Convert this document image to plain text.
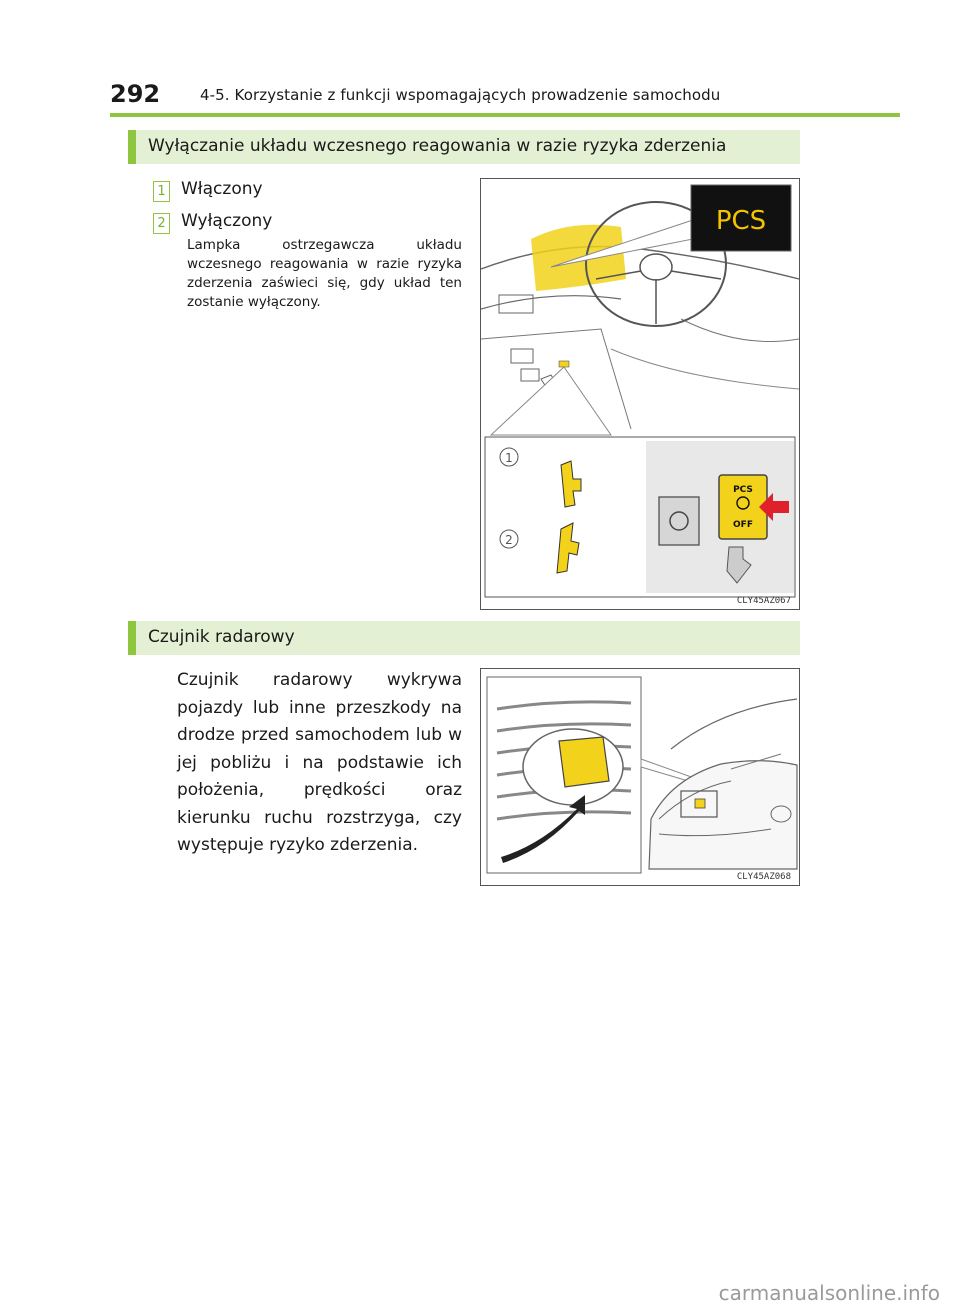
292	4-5. Korzystanie z funkcji wspomagających prowadzenie samochodu
Wyłączanie układu wczesnego reagowania w razie ryzyka zderzenia
1 Włączony
2 Wyłączony
Lampka ostrzegawcza układu wczesnego reagowania w razie ryzyka zderzenia zaświeci się, gdy układ ten zostanie wyłączony.
PCS
1
2
PCS
OFF
CLY45AZ067
Czujnik radarowy
Czujnik radarowy wykrywa pojazdy lub inne przeszkody na drodze przed samochodem lub w jej pobliżu i na podstawie ich położenia, prędkości oraz kierunku ruchu rozstrzyga, czy występuje ryzyko zderzenia.
CLY45AZ068
carmanualsonline.info
